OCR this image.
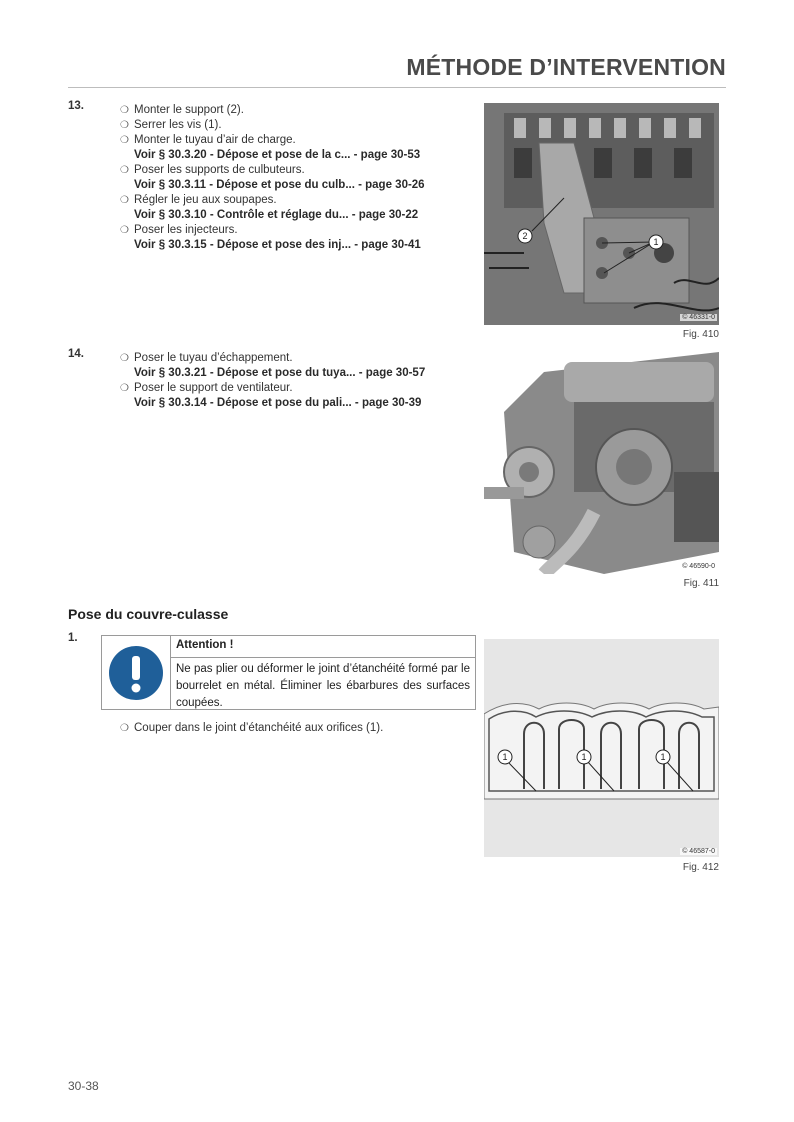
MÉTHODE D’INTERVENTION
13.	❍ Monter le support (2).
❍ Serrer les vis (1).
❍ Monter le tuyau d’air de charge.
Voir § 30.3.20 - Dépose et pose de la c... - page 30-53
❍ Poser les supports de culbuteurs.
Voir § 30.3.11 - Dépose et pose du culb... - page 30-26
❍ Régler le jeu aux soupapes.
Voir § 30.3.10 - Contrôle et réglage du... - page 30-22
❍ Poser les injecteurs.
Voir § 30.3.15 - Dépose et pose des inj... - page 30-41
2
1
© 46331-0
Fig. 410
14.	❍ Poser le tuyau d’échappement.
Voir § 30.3.21 - Dépose et pose du tuya... - page 30-57
❍ Poser le support de ventilateur.
Voir § 30.3.14 - Dépose et pose du pali... - page 30-39
© 46590-0
Fig. 411
Pose du couvre-culasse
1.
Attention !
Ne pas plier ou déformer le joint d’étanchéité formé par le bourrelet en métal. Éliminer les ébarbures des surfaces coupées.
❍ Couper dans le joint d’étanchéité aux orifices (1).
1	1	1
© 46587-0
Fig. 412
30-38
